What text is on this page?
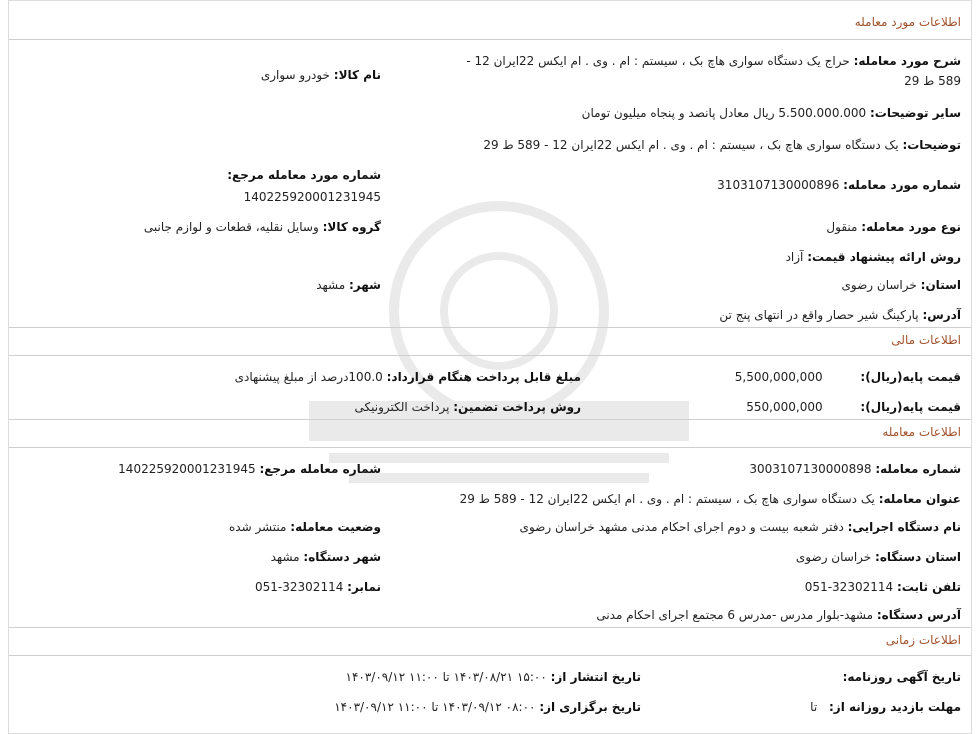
اطلاعات مورد معامله
شرح مورد معامله: حراج یک دستگاه سواری هاچ بک ، سیستم : ام . وی . ام ایکس 22ایران 12 - 589 ط 29
نام کالا: خودرو سواری
سایر توضیحات: 5.500.000.000 ریال معادل پانصد و پنجاه میلیون تومان
توضیحات: یک دستگاه سواری هاچ بک ، سیستم : ام . وی . ام ایکس 22ایران 12 - 589 ط 29
شماره مورد معامله مرجع:
140225920001231945
شماره مورد معامله: 3103107130000896
نوع مورد معامله: منقول
گروه کالا: وسایل نقلیه، قطعات و لوازم جانبی
روش ارائه پیشنهاد قیمت: آزاد
استان: خراسان رضوی
شهر: مشهد
آدرس: پارکینگ شیر حصار واقع در انتهای پنج تن
اطلاعات مالی
قیمت پایه(ریال): 5,500,000,000
مبلغ قابل پرداخت هنگام قرارداد: 100.0درصد از مبلغ پیشنهادی
قیمت پایه(ریال): 550,000,000
روش پرداخت تضمین: پرداخت الکترونیکی
اطلاعات معامله
شماره معامله: 3003107130000898
شماره معامله مرجع: 140225920001231945
عنوان معامله: یک دستگاه سواری هاچ بک ، سیستم : ام . وی . ام ایکس 22ایران 12 - 589 ط 29
نام دستگاه اجرایی: دفتر شعبه بیست و دوم اجرای احکام مدنی مشهد خراسان رضوی
وضعیت معامله: منتشر شده
استان دستگاه: خراسان رضوی
شهر دستگاه: مشهد
تلفن ثابت: 32302114-051
نمابر: 32302114-051
آدرس دستگاه: مشهد-بلوار مدرس -مدرس 6 مجتمع اجرای احکام مدنی
اطلاعات زمانی
تاریخ آگهی روزنامه:
تاریخ انتشار از: ۱۵:۰۰ ۱۴۰۳/۰۸/۲۱ تا ۱۱:۰۰ ۱۴۰۳/۰۹/۱۲
مهلت بازدید روزانه از: تا
تاریخ برگزاری از: ۰۸:۰۰ ۱۴۰۳/۰۹/۱۲ تا ۱۱:۰۰ ۱۴۰۳/۰۹/۱۲
